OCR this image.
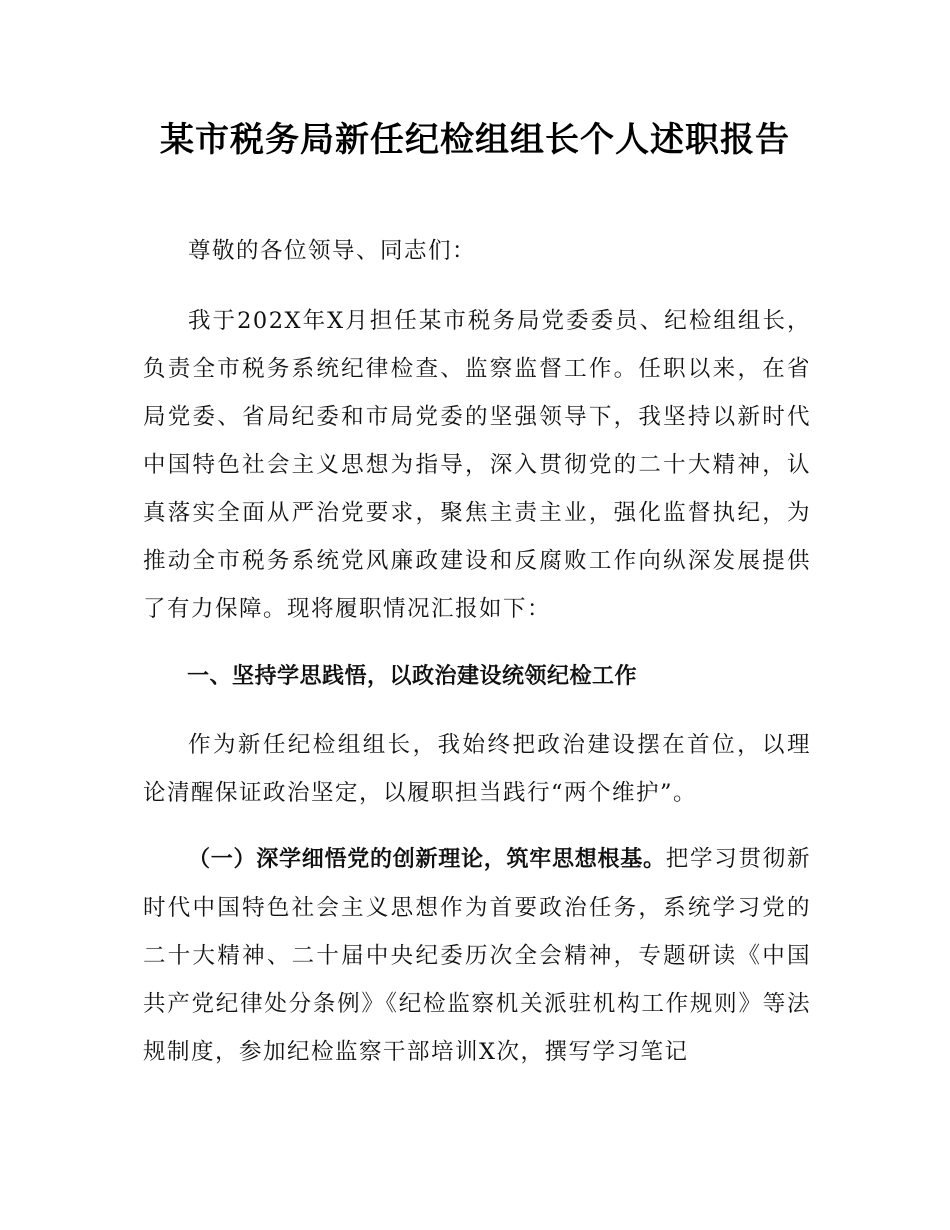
某市税务局新任纪检组组长个人述职报告

尊敬的各位领导、同志们：

我于202X年X月担任某市税务局党委委员、纪检组组长，负责全市税务系统纪律检查、监察监督工作。任职以来，在省局党委、省局纪委和市局党委的坚强领导下，我坚持以新时代中国特色社会主义思想为指导，深入贯彻党的二十大精神，认真落实全面从严治党要求，聚焦主责主业，强化监督执纪，为推动全市税务系统党风廉政建设和反腐败工作向纵深发展提供了有力保障。现将履职情况汇报如下：

一、坚持学思践悟，以政治建设统领纪检工作

作为新任纪检组组长，我始终把政治建设摆在首位，以理论清醒保证政治坚定，以履职担当践行“两个维护”。

（一）深学细悟党的创新理论，筑牢思想根基。把学习贯彻新时代中国特色社会主义思想作为首要政治任务，系统学习党的二十大精神、二十届中央纪委历次全会精神，专题研读《中国共产党纪律处分条例》《纪检监察机关派驻机构工作规则》等法规制度，参加纪检监察干部培训X次，撰写学习笔记
